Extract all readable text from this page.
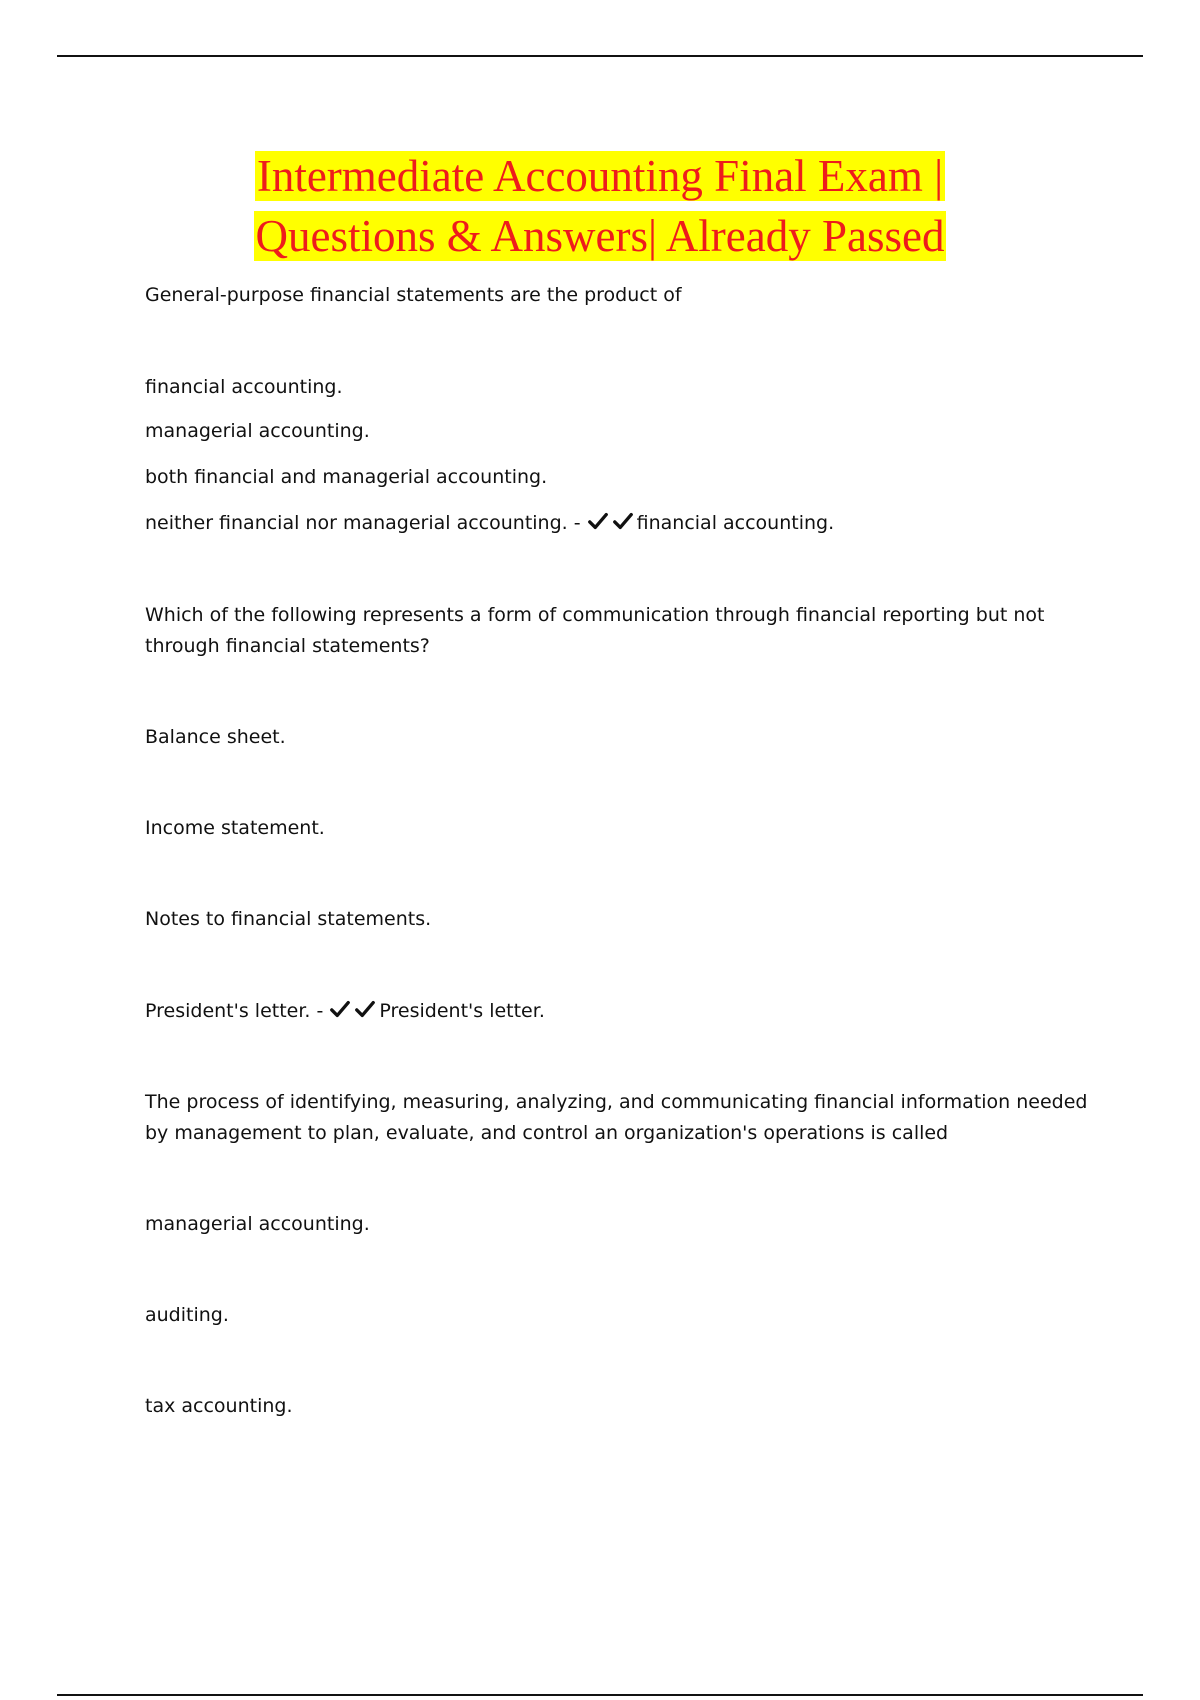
Intermediate Accounting Final Exam |
Questions & Answers| Already Passed
General-purpose financial statements are the product of
financial accounting.
managerial accounting.
both financial and managerial accounting.
neither financial nor managerial accounting. -	financial accounting.
Which of the following represents a form of communication through financial reporting but not through financial statements?
Balance sheet.
Income statement.
Notes to financial statements.
President's letter. -	President's letter.
The process of identifying, measuring, analyzing, and communicating financial information needed by management to plan, evaluate, and control an organization's operations is called
managerial accounting.
auditing.
tax accounting.
